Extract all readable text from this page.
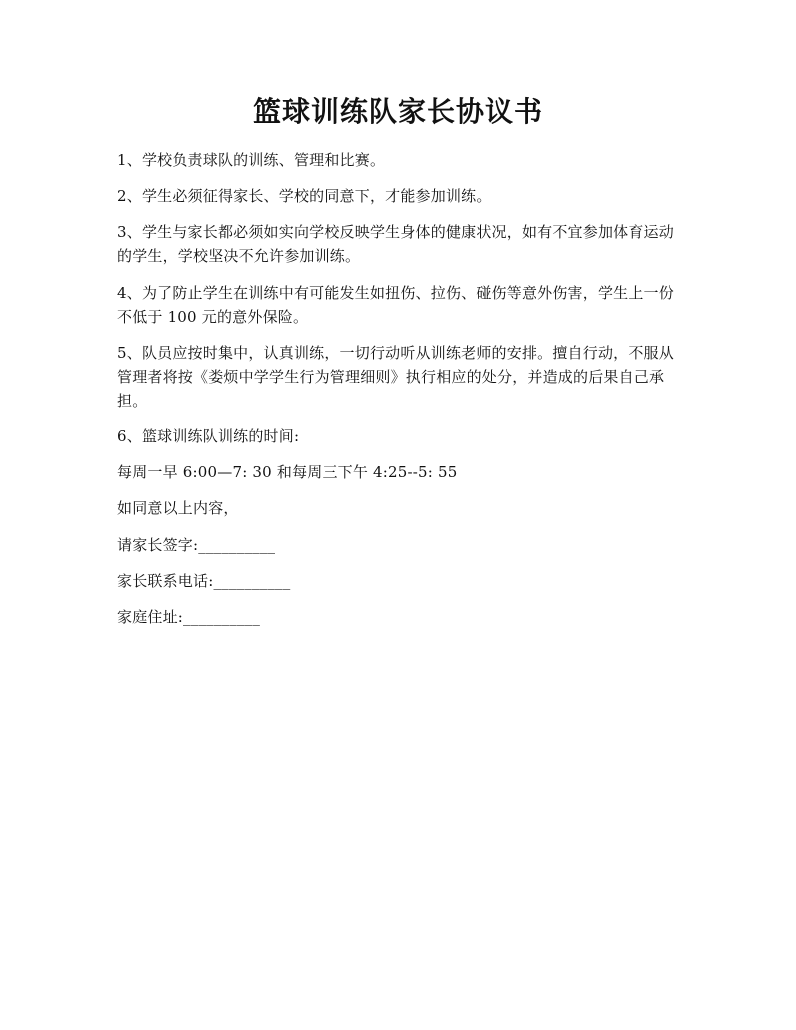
篮球训练队家长协议书

1、学校负责球队的训练、管理和比赛。

2、学生必须征得家长、学校的同意下，才能参加训练。

3、学生与家长都必须如实向学校反映学生身体的健康状况，如有不宜参加体育运动的学生，学校坚决不允许参加训练。

4、为了防止学生在训练中有可能发生如扭伤、拉伤、碰伤等意外伤害，学生上一份不低于 100 元的意外保险。

5、队员应按时集中，认真训练，一切行动听从训练老师的安排。擅自行动，不服从管理者将按《娄烦中学学生行为管理细则》执行相应的处分，并造成的后果自己承担。

6、篮球训练队训练的时间:

每周一早 6:00—7: 30 和每周三下午 4:25--5: 55

如同意以上内容，

请家长签字:__________

家长联系电话:__________

家庭住址:__________
